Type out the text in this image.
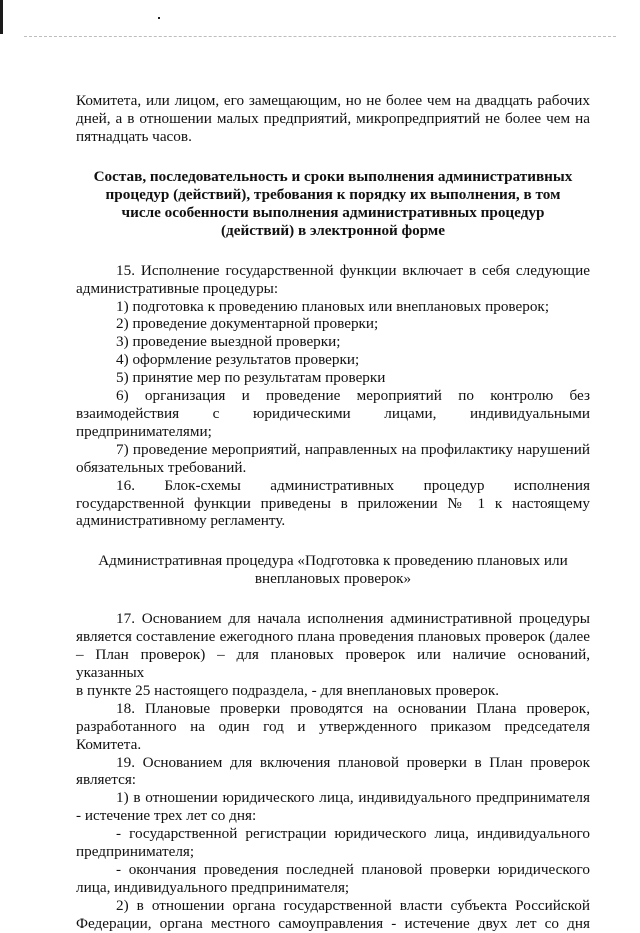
Комитета, или лицом, его замещающим, но не более чем на двадцать рабочих

дней, а в отношении малых предприятий, микропредприятий не более чем на

пятнадцать часов.

Состав, последовательность и сроки выполнения административных

процедур (действий), требования к порядку их выполнения, в том

числе особенности выполнения административных процедур

(действий) в электронной форме

15. Исполнение государственной функции включает в себя следующие

административные процедуры:

1) подготовка к проведению плановых или внеплановых проверок;

2) проведение документарной проверки;

3) проведение выездной проверки;

4) оформление результатов проверки;

5) принятие мер по результатам проверки

6) организация и проведение мероприятий по контролю без

взаимодействия с юридическими лицами, индивидуальными

предпринимателями;

7) проведение мероприятий, направленных на профилактику нарушений

обязательных требований.

16. Блок-схемы административных процедур исполнения

государственной функции приведены в приложении № 1 к настоящему

административному регламенту.

Административная процедура «Подготовка к проведению плановых или

внеплановых проверок»

17. Основанием для начала исполнения административной процедуры

является составление ежегодного плана проведения плановых проверок (далее

– План проверок) – для плановых проверок или наличие оснований, указанных

в пункте 25 настоящего подраздела, - для внеплановых проверок.

18. Плановые проверки проводятся на основании Плана проверок,

разработанного на один год и утвержденного приказом председателя

Комитета.

19. Основанием для включения плановой проверки в План проверок

является:

1) в отношении юридического лица, индивидуального предпринимателя

- истечение трех лет со дня:

- государственной регистрации юридического лица, индивидуального

предпринимателя;

- окончания проведения последней плановой проверки юридического

лица, индивидуального предпринимателя;

2) в отношении органа государственной власти субъекта Российской

Федерации, органа местного самоуправления - истечение двух лет со дня
